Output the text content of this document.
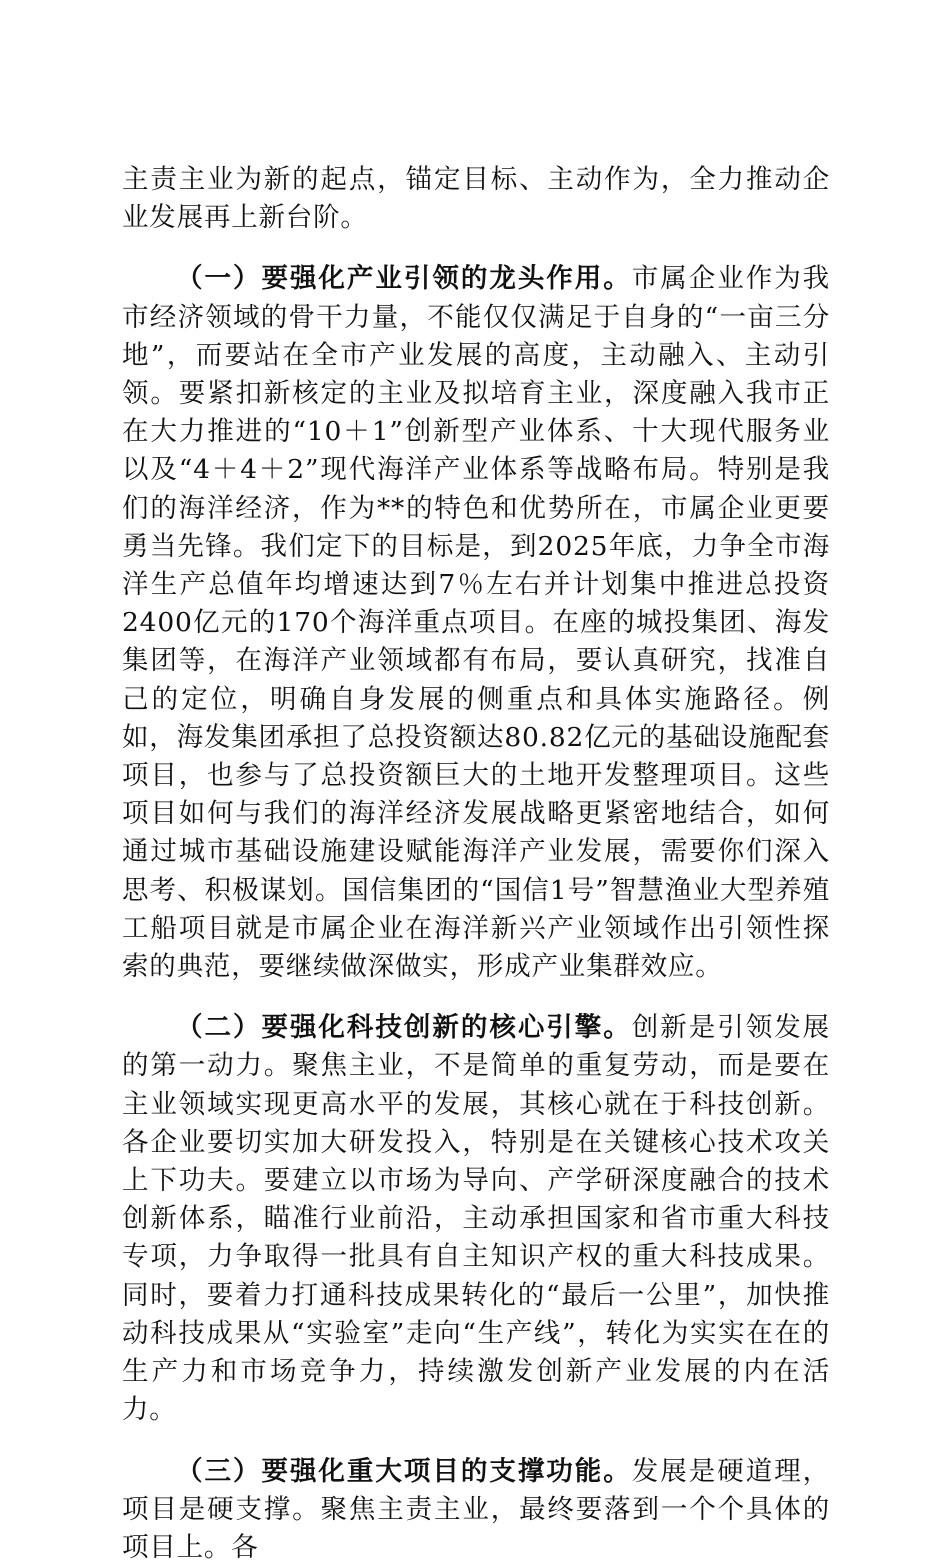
主责主业为新的起点，锚定目标、主动作为，全力推动企业发展再上新台阶。

（一）要强化产业引领的龙头作用。市属企业作为我市经济领域的骨干力量，不能仅仅满足于自身的“一亩三分地”，而要站在全市产业发展的高度，主动融入、主动引领。要紧扣新核定的主业及拟培育主业，深度融入我市正在大力推进的“10＋1”创新型产业体系、十大现代服务业以及“4＋4＋2”现代海洋产业体系等战略布局。特别是我们的海洋经济，作为**的特色和优势所在，市属企业更要勇当先锋。我们定下的目标是，到2025年底，力争全市海洋生产总值年均增速达到7％左右并计划集中推进总投资2400亿元的170个海洋重点项目。在座的城投集团、海发集团等，在海洋产业领域都有布局，要认真研究，找准自己的定位，明确自身发展的侧重点和具体实施路径。例如，海发集团承担了总投资额达80.82亿元的基础设施配套项目，也参与了总投资额巨大的土地开发整理项目。这些项目如何与我们的海洋经济发展战略更紧密地结合，如何通过城市基础设施建设赋能海洋产业发展，需要你们深入思考、积极谋划。国信集团的“国信1号”智慧渔业大型养殖工船项目就是市属企业在海洋新兴产业领域作出引领性探索的典范，要继续做深做实，形成产业集群效应。

（二）要强化科技创新的核心引擎。创新是引领发展的第一动力。聚焦主业，不是简单的重复劳动，而是要在主业领域实现更高水平的发展，其核心就在于科技创新。各企业要切实加大研发投入，特别是在关键核心技术攻关上下功夫。要建立以市场为导向、产学研深度融合的技术创新体系，瞄准行业前沿，主动承担国家和省市重大科技专项，力争取得一批具有自主知识产权的重大科技成果。同时，要着力打通科技成果转化的“最后一公里”，加快推动科技成果从“实验室”走向“生产线”，转化为实实在在的生产力和市场竞争力，持续激发创新产业发展的内在活力。

（三）要强化重大项目的支撑功能。发展是硬道理，项目是硬支撑。聚焦主责主业，最终要落到一个个具体的项目上。各
